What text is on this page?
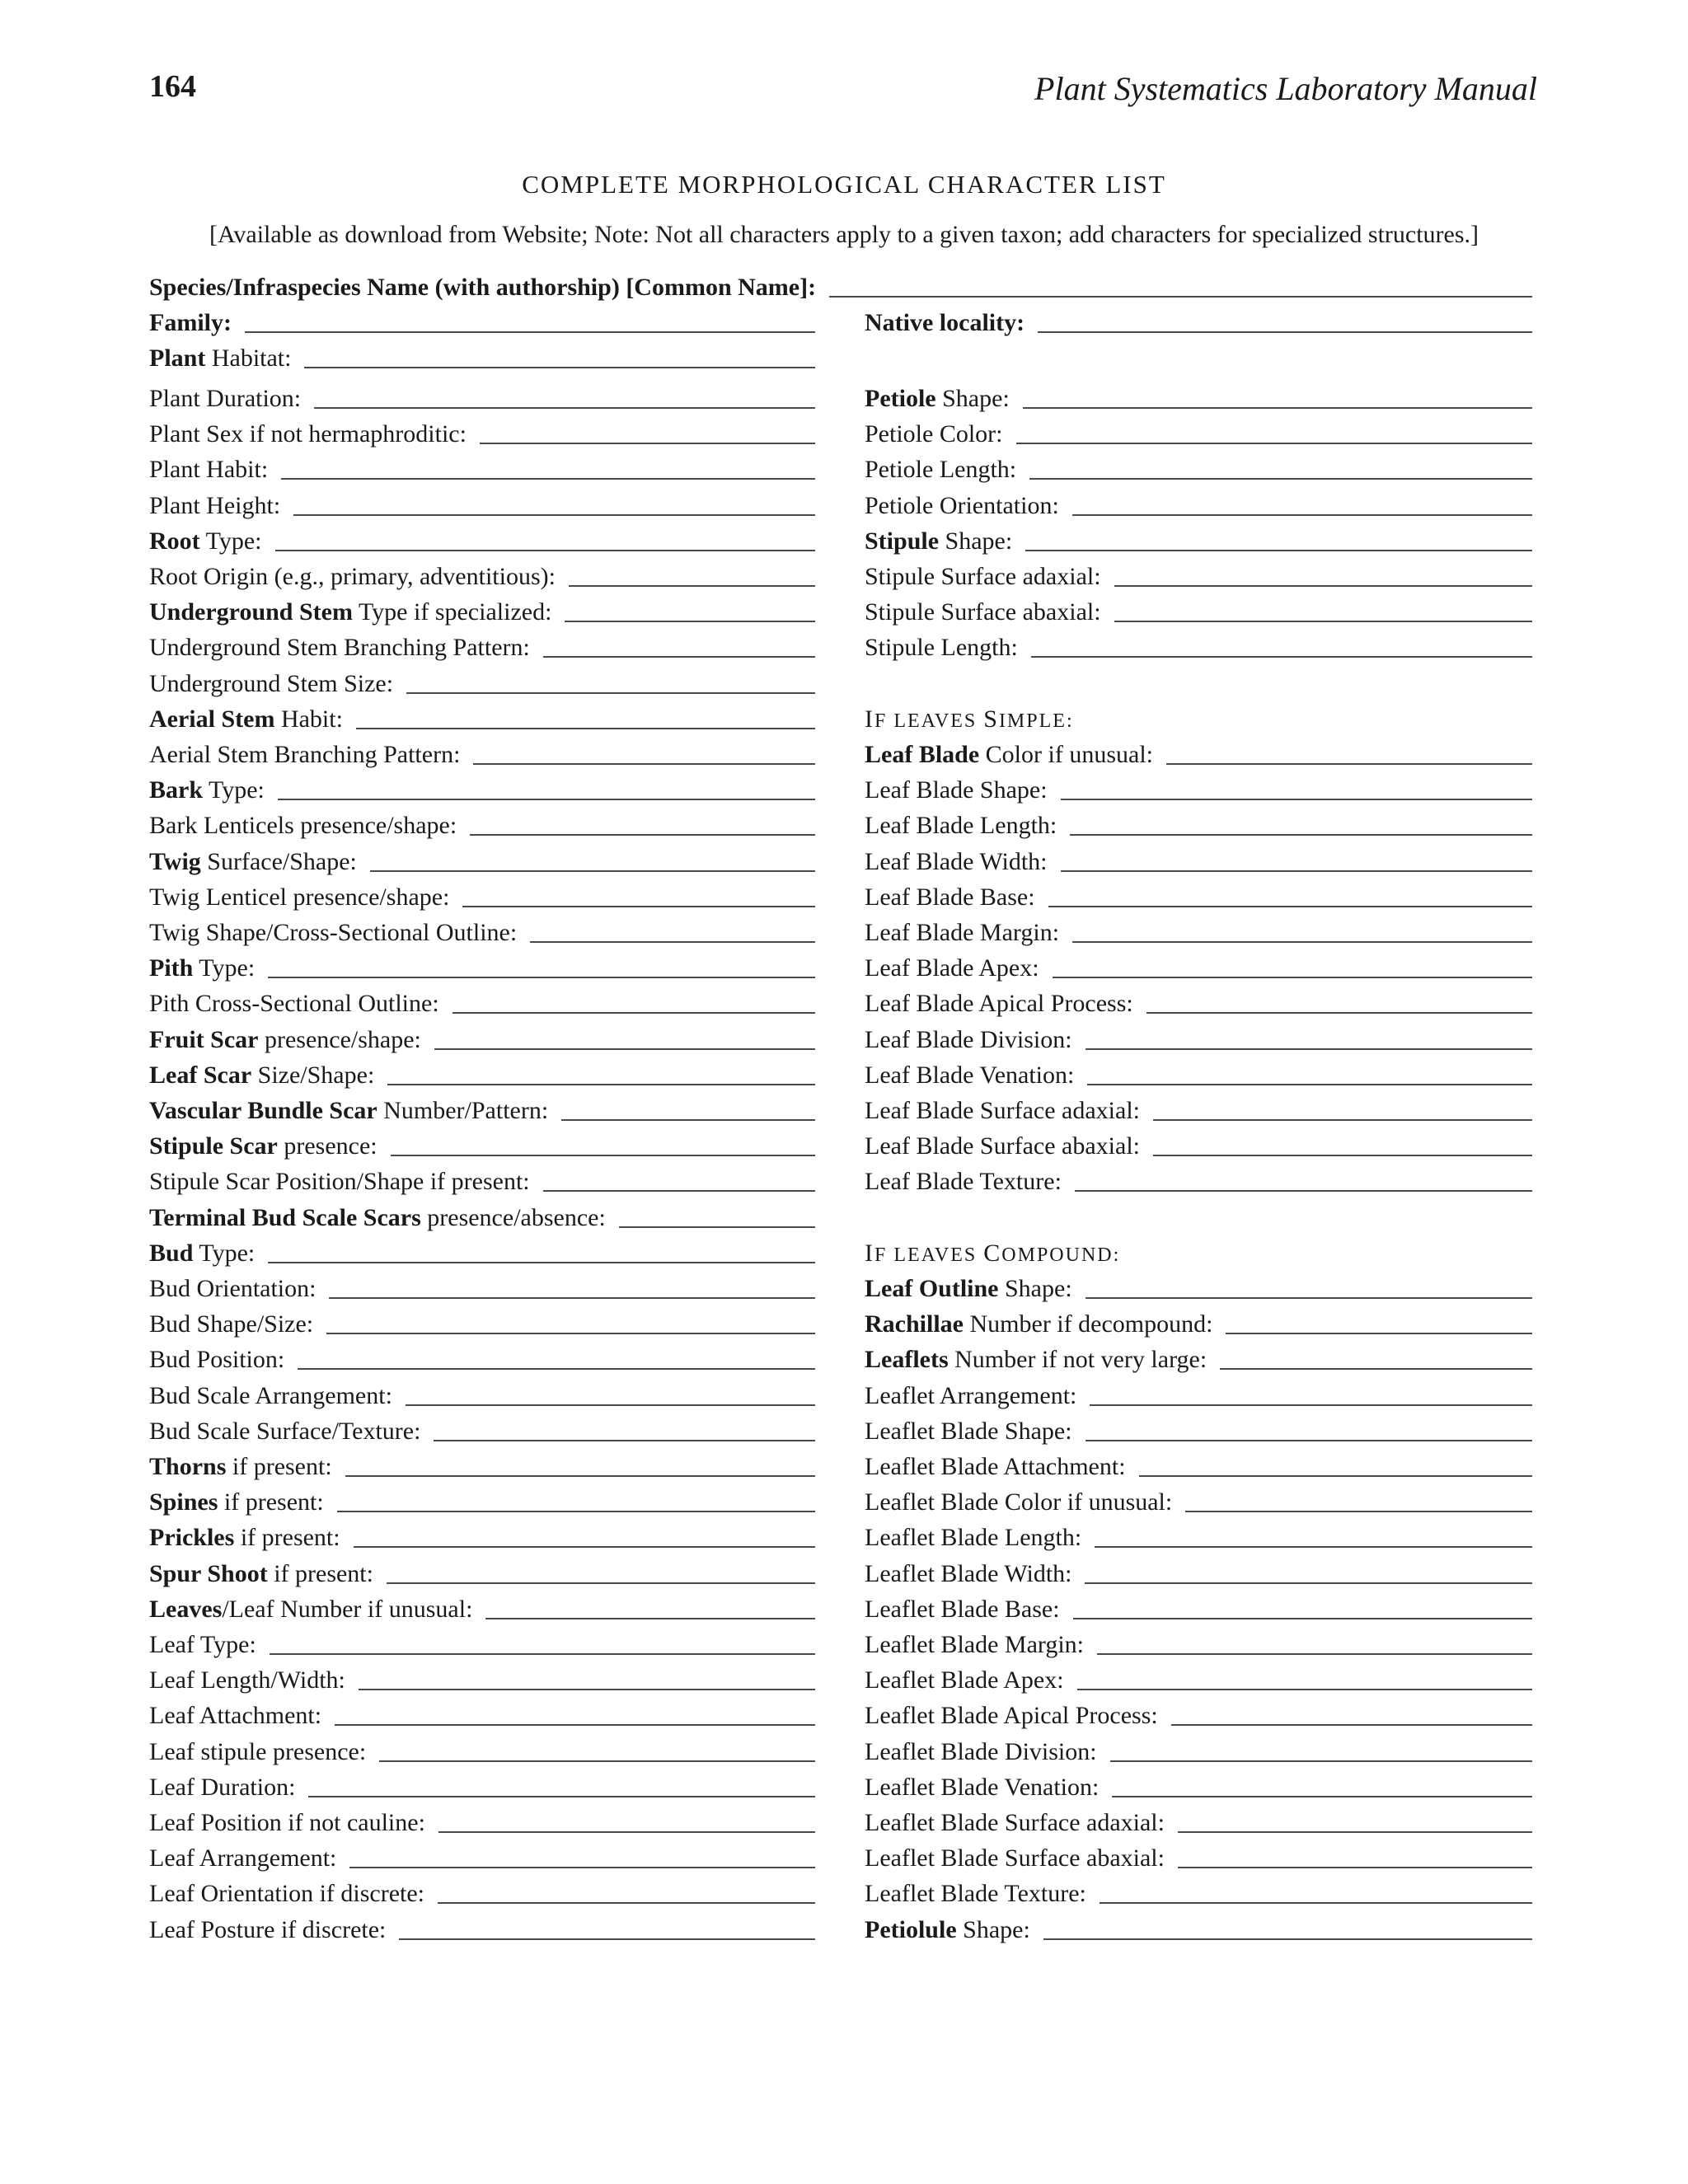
164	Plant Systematics Laboratory Manual
COMPLETE MORPHOLOGICAL CHARACTER LIST
[Available as download from Website; Note: Not all characters apply to a given taxon; add characters for specialized structures.]
Species/Infraspecies Name (with authorship) [Common Name]:
Family:	Native locality:
Plant Habitat:
Plant Duration:
Plant Sex if not hermaphroditic:
Plant Habit:
Plant Height:
Root Type:
Root Origin (e.g., primary, adventitious):
Underground Stem Type if specialized:
Underground Stem Branching Pattern:
Underground Stem Size:
Aerial Stem Habit:
Aerial Stem Branching Pattern:
Bark Type:
Bark Lenticels presence/shape:
Twig Surface/Shape:
Twig Lenticel presence/shape:
Twig Shape/Cross-Sectional Outline:
Pith Type:
Pith Cross-Sectional Outline:
Fruit Scar presence/shape:
Leaf Scar Size/Shape:
Vascular Bundle Scar Number/Pattern:
Stipule Scar presence:
Stipule Scar Position/Shape if present:
Terminal Bud Scale Scars presence/absence:
Bud Type:
Bud Orientation:
Bud Shape/Size:
Bud Position:
Bud Scale Arrangement:
Bud Scale Surface/Texture:
Thorns if present:
Spines if present:
Prickles if present:
Spur Shoot if present:
Leaves/Leaf Number if unusual:
Leaf Type:
Leaf Length/Width:
Leaf Attachment:
Leaf stipule presence:
Leaf Duration:
Leaf Position if not cauline:
Leaf Arrangement:
Leaf Orientation if discrete:
Leaf Posture if discrete:
Petiole Shape:
Petiole Color:
Petiole Length:
Petiole Orientation:
Stipule Shape:
Stipule Surface adaxial:
Stipule Surface abaxial:
Stipule Length:
Leaf Blade Color if unusual:
Leaf Blade Shape:
Leaf Blade Length:
Leaf Blade Width:
Leaf Blade Base:
Leaf Blade Margin:
Leaf Blade Apex:
Leaf Blade Apical Process:
Leaf Blade Division:
Leaf Blade Venation:
Leaf Blade Surface adaxial:
Leaf Blade Surface abaxial:
Leaf Blade Texture:
Leaf Outline Shape:
Rachillae Number if decompound:
Leaflets Number if not very large:
Leaflet Arrangement:
Leaflet Blade Shape:
Leaflet Blade Attachment:
Leaflet Blade Color if unusual:
Leaflet Blade Length:
Leaflet Blade Width:
Leaflet Blade Base:
Leaflet Blade Margin:
Leaflet Blade Apex:
Leaflet Blade Apical Process:
Leaflet Blade Division:
Leaflet Blade Venation:
Leaflet Blade Surface adaxial:
Leaflet Blade Surface abaxial:
Leaflet Blade Texture:
Petiolule Shape:
IF LEAVES SIMPLE:
IF LEAVES COMPOUND:
